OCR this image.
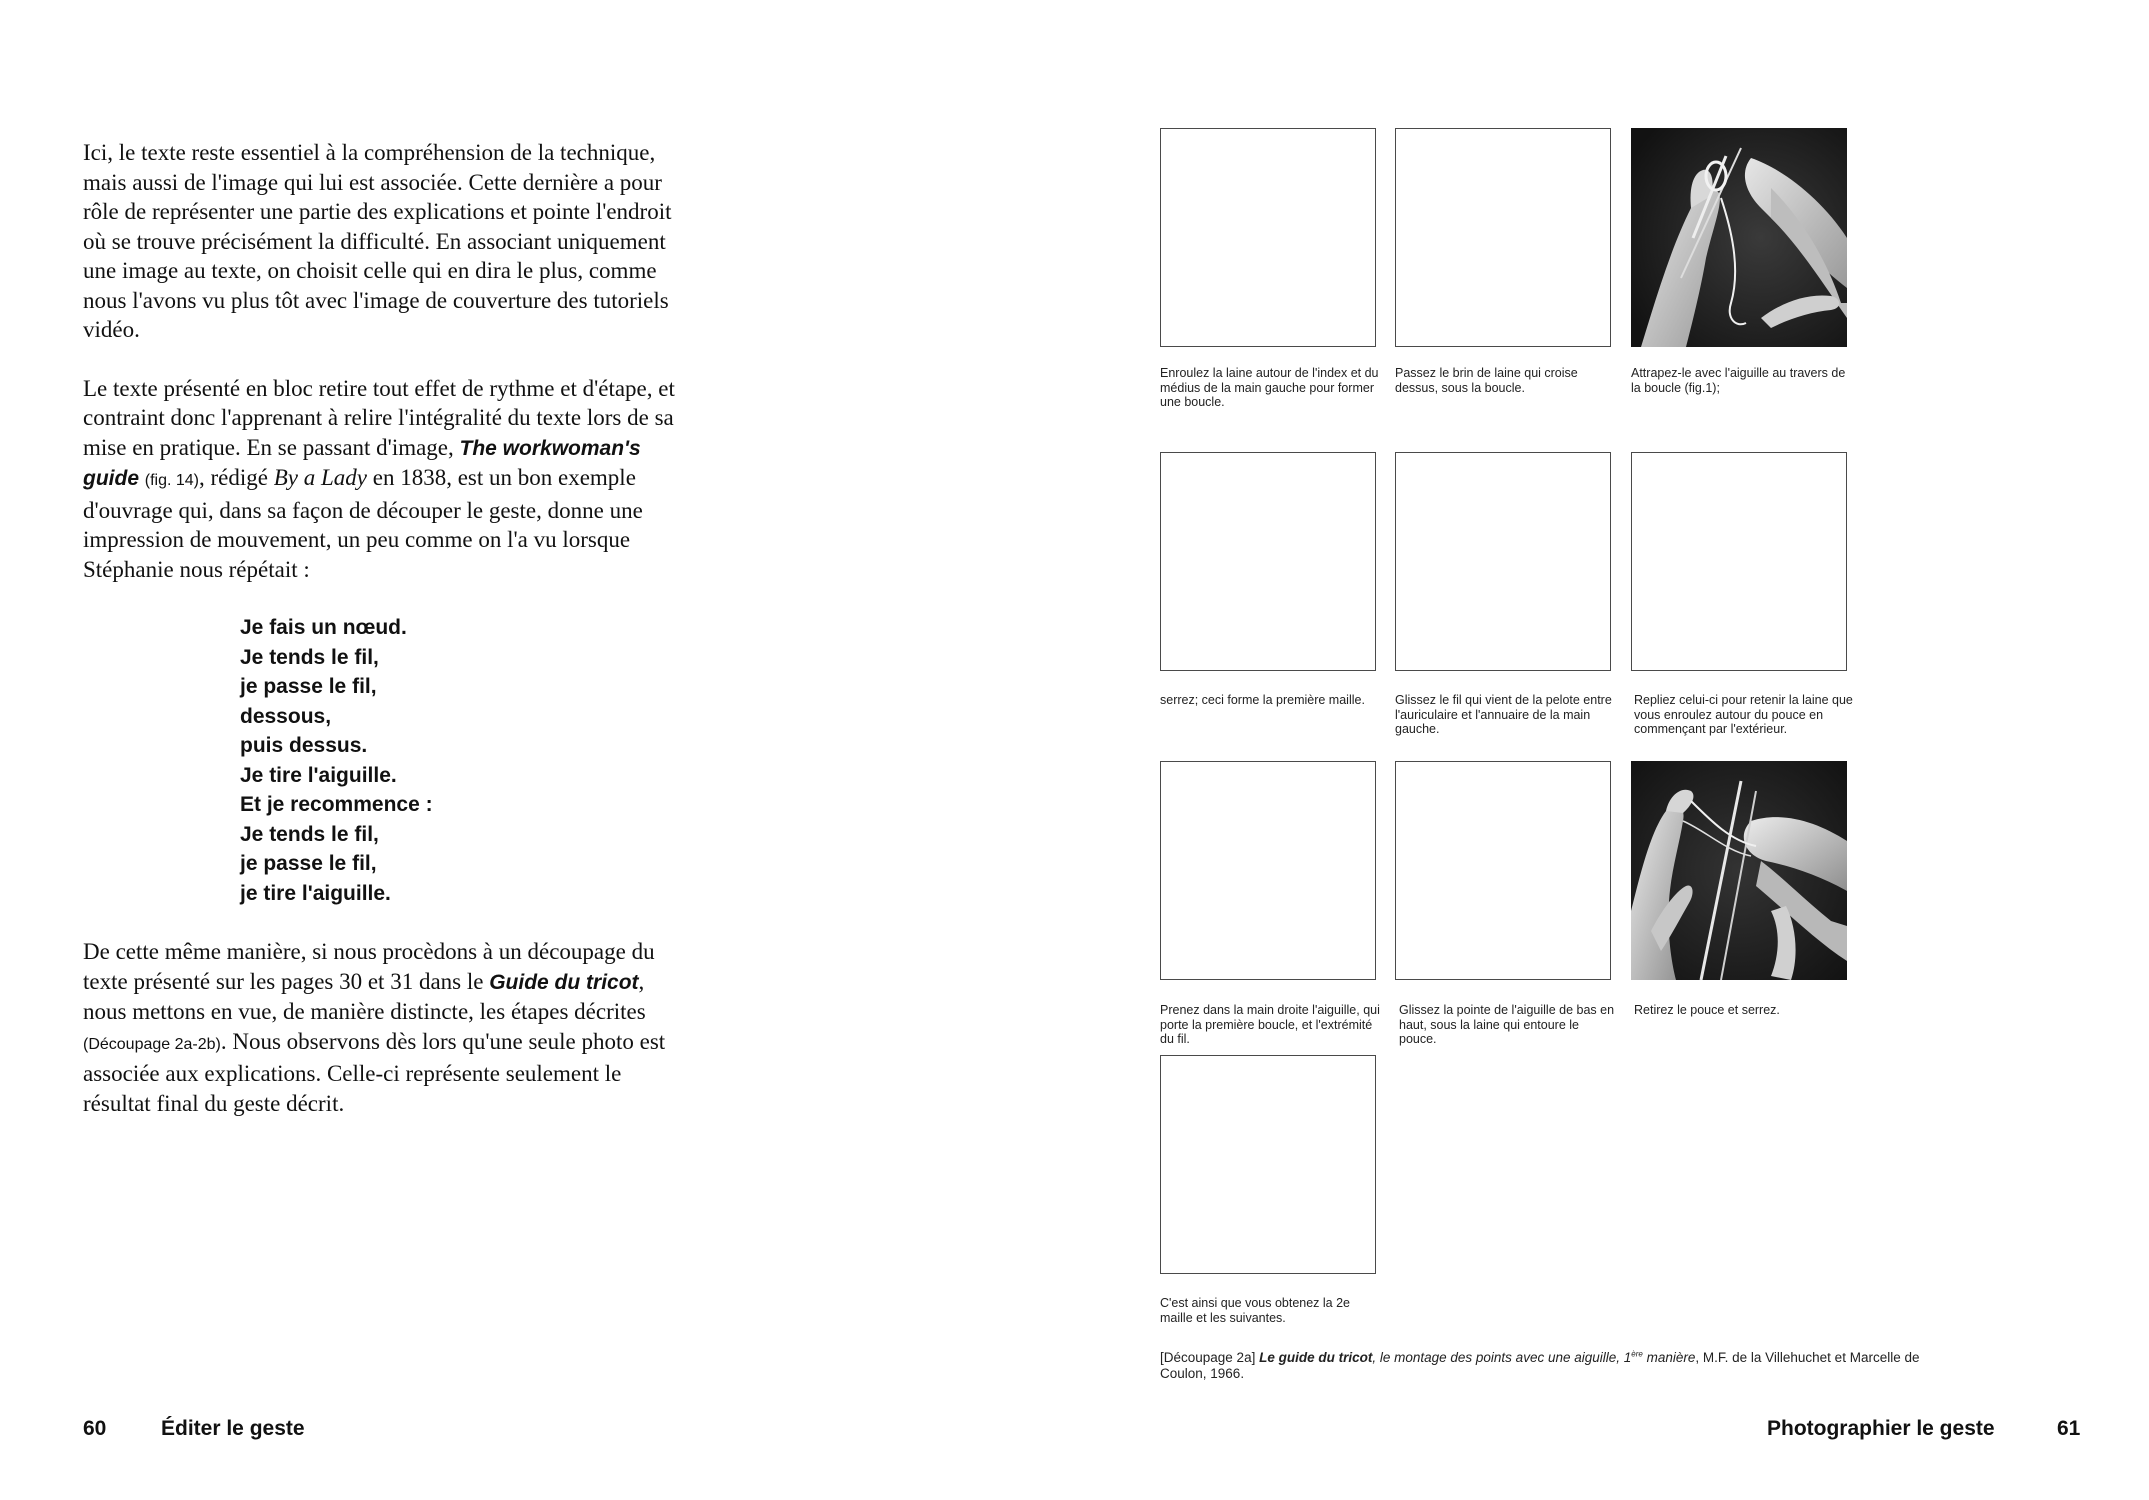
Ici, le texte reste essentiel à la compréhension de la technique, mais aussi de l'image qui lui est associée. Cette dernière a pour rôle de représenter une partie des explications et pointe l'endroit où se trouve précisément la difficulté. En associant uniquement une image au texte, on choisit celle qui en dira le plus, comme nous l'avons vu plus tôt avec l'image de couverture des tutoriels vidéo.

Le texte présenté en bloc retire tout effet de rythme et d'étape, et contraint donc l'apprenant à relire l'intégralité du texte lors de sa mise en pratique. En se passant d'image, The workwoman's guide (fig. 14), rédigé By a Lady en 1838, est un bon exemple d'ouvrage qui, dans sa façon de découper le geste, donne une impression de mouvement, un peu comme on l'a vu lorsque Stéphanie nous répétait :

Je fais un nœud.
Je tends le fil,
je passe le fil,
dessous,
puis dessus.
Je tire l'aiguille.
Et je recommence :
Je tends le fil,
je passe le fil,
je tire l'aiguille.

De cette même manière, si nous procèdons à un découpage du texte présenté sur les pages 30 et 31 dans le Guide du tricot, nous mettons en vue, de manière distincte, les étapes décrites (Découpage 2a-2b). Nous observons dès lors qu'une seule photo est associée aux explications. Celle-ci représente seulement le résultat final du geste décrit.

Enroulez la laine autour de l'index et du médius de la main gauche pour former une boucle.
Passez le brin de laine qui croise dessus, sous la boucle.
Attrapez-le avec l'aiguille au travers de la boucle (fig.1);
serrez; ceci forme la première maille.	Glissez le fil qui vient de la pelote entre l'auriculaire et l'annuaire de la main gauche.
Repliez celui-ci pour retenir la laine que vous enroulez autour du pouce en commençant par l'extérieur.
Prenez dans la main droite l'aiguille, qui porte la première boucle, et l'extrémité du fil.
Glissez la pointe de l'aiguille de bas en haut, sous la laine qui entoure le pouce.
Retirez le pouce et serrez.
C'est ainsi que vous obtenez la 2e maille et les suivantes.

[Découpage 2a] Le guide du tricot, le montage des points avec une aiguille, 1ère manière, M.F. de la Villehuchet et Marcelle de Coulon, 1966.

60	Éditer le geste	Photographier le geste	61
